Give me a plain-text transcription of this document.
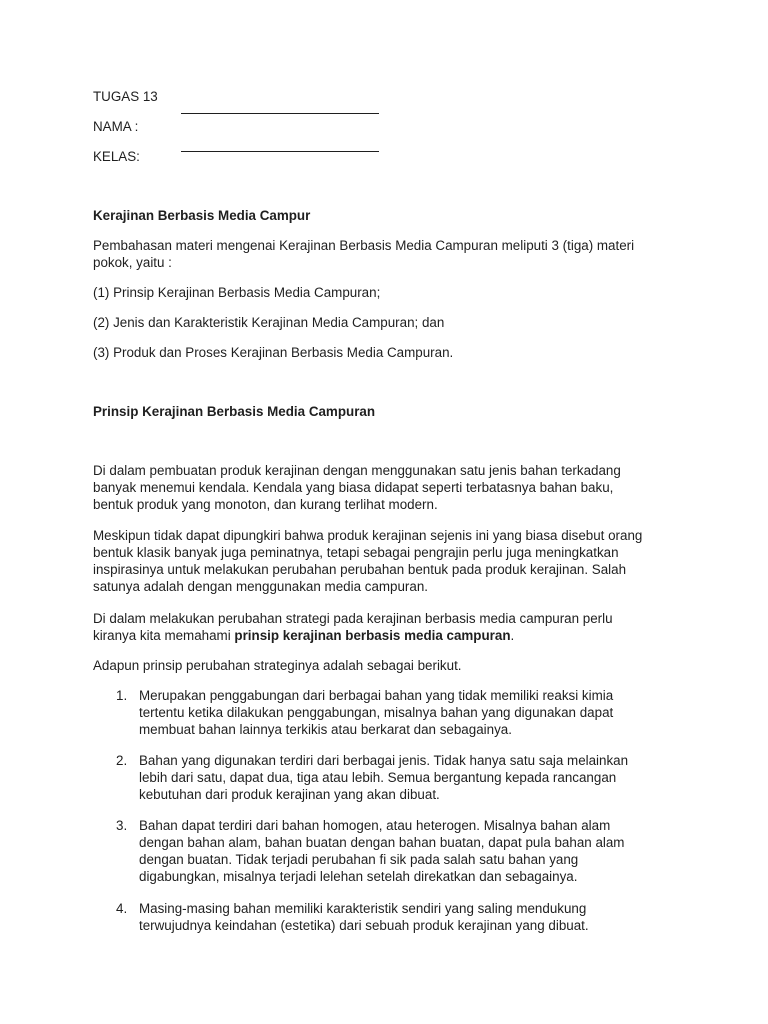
TUGAS 13
NAMA :
KELAS:
Kerajinan Berbasis Media Campur
Pembahasan materi mengenai Kerajinan Berbasis Media Campuran meliputi 3 (tiga) materi
pokok, yaitu :
(1) Prinsip Kerajinan Berbasis Media Campuran;
(2) Jenis dan Karakteristik Kerajinan Media Campuran; dan
(3) Produk dan Proses Kerajinan Berbasis Media Campuran.
Prinsip Kerajinan Berbasis Media Campuran
Di dalam pembuatan produk kerajinan dengan menggunakan satu jenis bahan terkadang
banyak menemui kendala. Kendala yang biasa didapat seperti terbatasnya bahan baku,
bentuk produk yang monoton, dan kurang terlihat modern.
Meskipun tidak dapat dipungkiri bahwa produk kerajinan sejenis ini yang biasa disebut orang
bentuk klasik banyak juga peminatnya, tetapi sebagai pengrajin perlu juga meningkatkan
inspirasinya untuk melakukan perubahan perubahan bentuk pada produk kerajinan. Salah
satunya adalah dengan menggunakan media campuran.
Di dalam melakukan perubahan strategi pada kerajinan berbasis media campuran perlu
kiranya kita memahami prinsip kerajinan berbasis media campuran.
Adapun prinsip perubahan strateginya adalah sebagai berikut.
1. Merupakan penggabungan dari berbagai bahan yang tidak memiliki reaksi kimia
tertentu ketika dilakukan penggabungan, misalnya bahan yang digunakan dapat
membuat bahan lainnya terkikis atau berkarat dan sebagainya.
2. Bahan yang digunakan terdiri dari berbagai jenis. Tidak hanya satu saja melainkan
lebih dari satu, dapat dua, tiga atau lebih. Semua bergantung kepada rancangan
kebutuhan dari produk kerajinan yang akan dibuat.
3. Bahan dapat terdiri dari bahan homogen, atau heterogen. Misalnya bahan alam
dengan bahan alam, bahan buatan dengan bahan buatan, dapat pula bahan alam
dengan buatan. Tidak terjadi perubahan fi sik pada salah satu bahan yang
digabungkan, misalnya terjadi lelehan setelah direkatkan dan sebagainya.
4. Masing-masing bahan memiliki karakteristik sendiri yang saling mendukung
terwujudnya keindahan (estetika) dari sebuah produk kerajinan yang dibuat.
